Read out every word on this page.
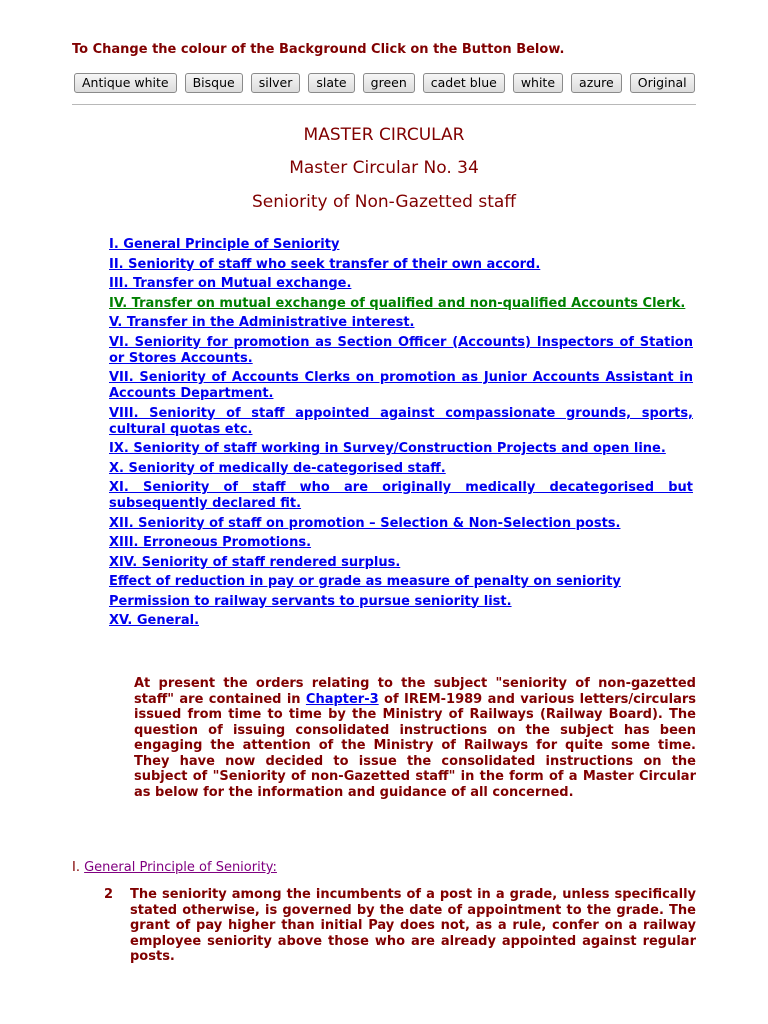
To Change the colour of the Background Click on the Button Below.
Antique white	Bisque	silver	slate	green	cadet blue	white	azure	Original
MASTER CIRCULAR
Master Circular No. 34
Seniority of Non-Gazetted staff
I. General Principle of Seniority
II. Seniority of staff who seek transfer of their own accord.
III. Transfer on Mutual exchange.
IV. Transfer on mutual exchange of qualified and non-qualified Accounts Clerk.
V. Transfer in the Administrative interest.
VI. Seniority for promotion as Section Officer (Accounts) Inspectors of Station or Stores Accounts.
VII. Seniority of Accounts Clerks on promotion as Junior Accounts Assistant in Accounts Department.
VIII. Seniority of staff appointed against compassionate grounds, sports, cultural quotas etc.
IX. Seniority of staff working in Survey/Construction Projects and open line.
X. Seniority of medically de-categorised staff.
XI. Seniority of staff who are originally medically decategorised but subsequently declared fit.
XII. Seniority of staff on promotion – Selection & Non-Selection posts.
XIII. Erroneous Promotions.
XIV. Seniority of staff rendered surplus.
Effect of reduction in pay or grade as measure of penalty on seniority
Permission to railway servants to pursue seniority list.
XV. General.

At present the orders relating to the subject "seniority of non-gazetted staff" are contained in Chapter-3 of IREM-1989 and various letters/circulars issued from time to time by the Ministry of Railways (Railway Board). The question of issuing consolidated instructions on the subject has been engaging the attention of the Ministry of Railways for quite some time. They have now decided to issue the consolidated instructions on the subject of "Seniority of non-Gazetted staff" in the form of a Master Circular as below for the information and guidance of all concerned.

I. General Principle of Seniority:
2 The seniority among the incumbents of a post in a grade, unless specifically stated otherwise, is governed by the date of appointment to the grade. The grant of pay higher than initial Pay does not, as a rule, confer on a railway employee seniority above those who are already appointed against regular posts.
